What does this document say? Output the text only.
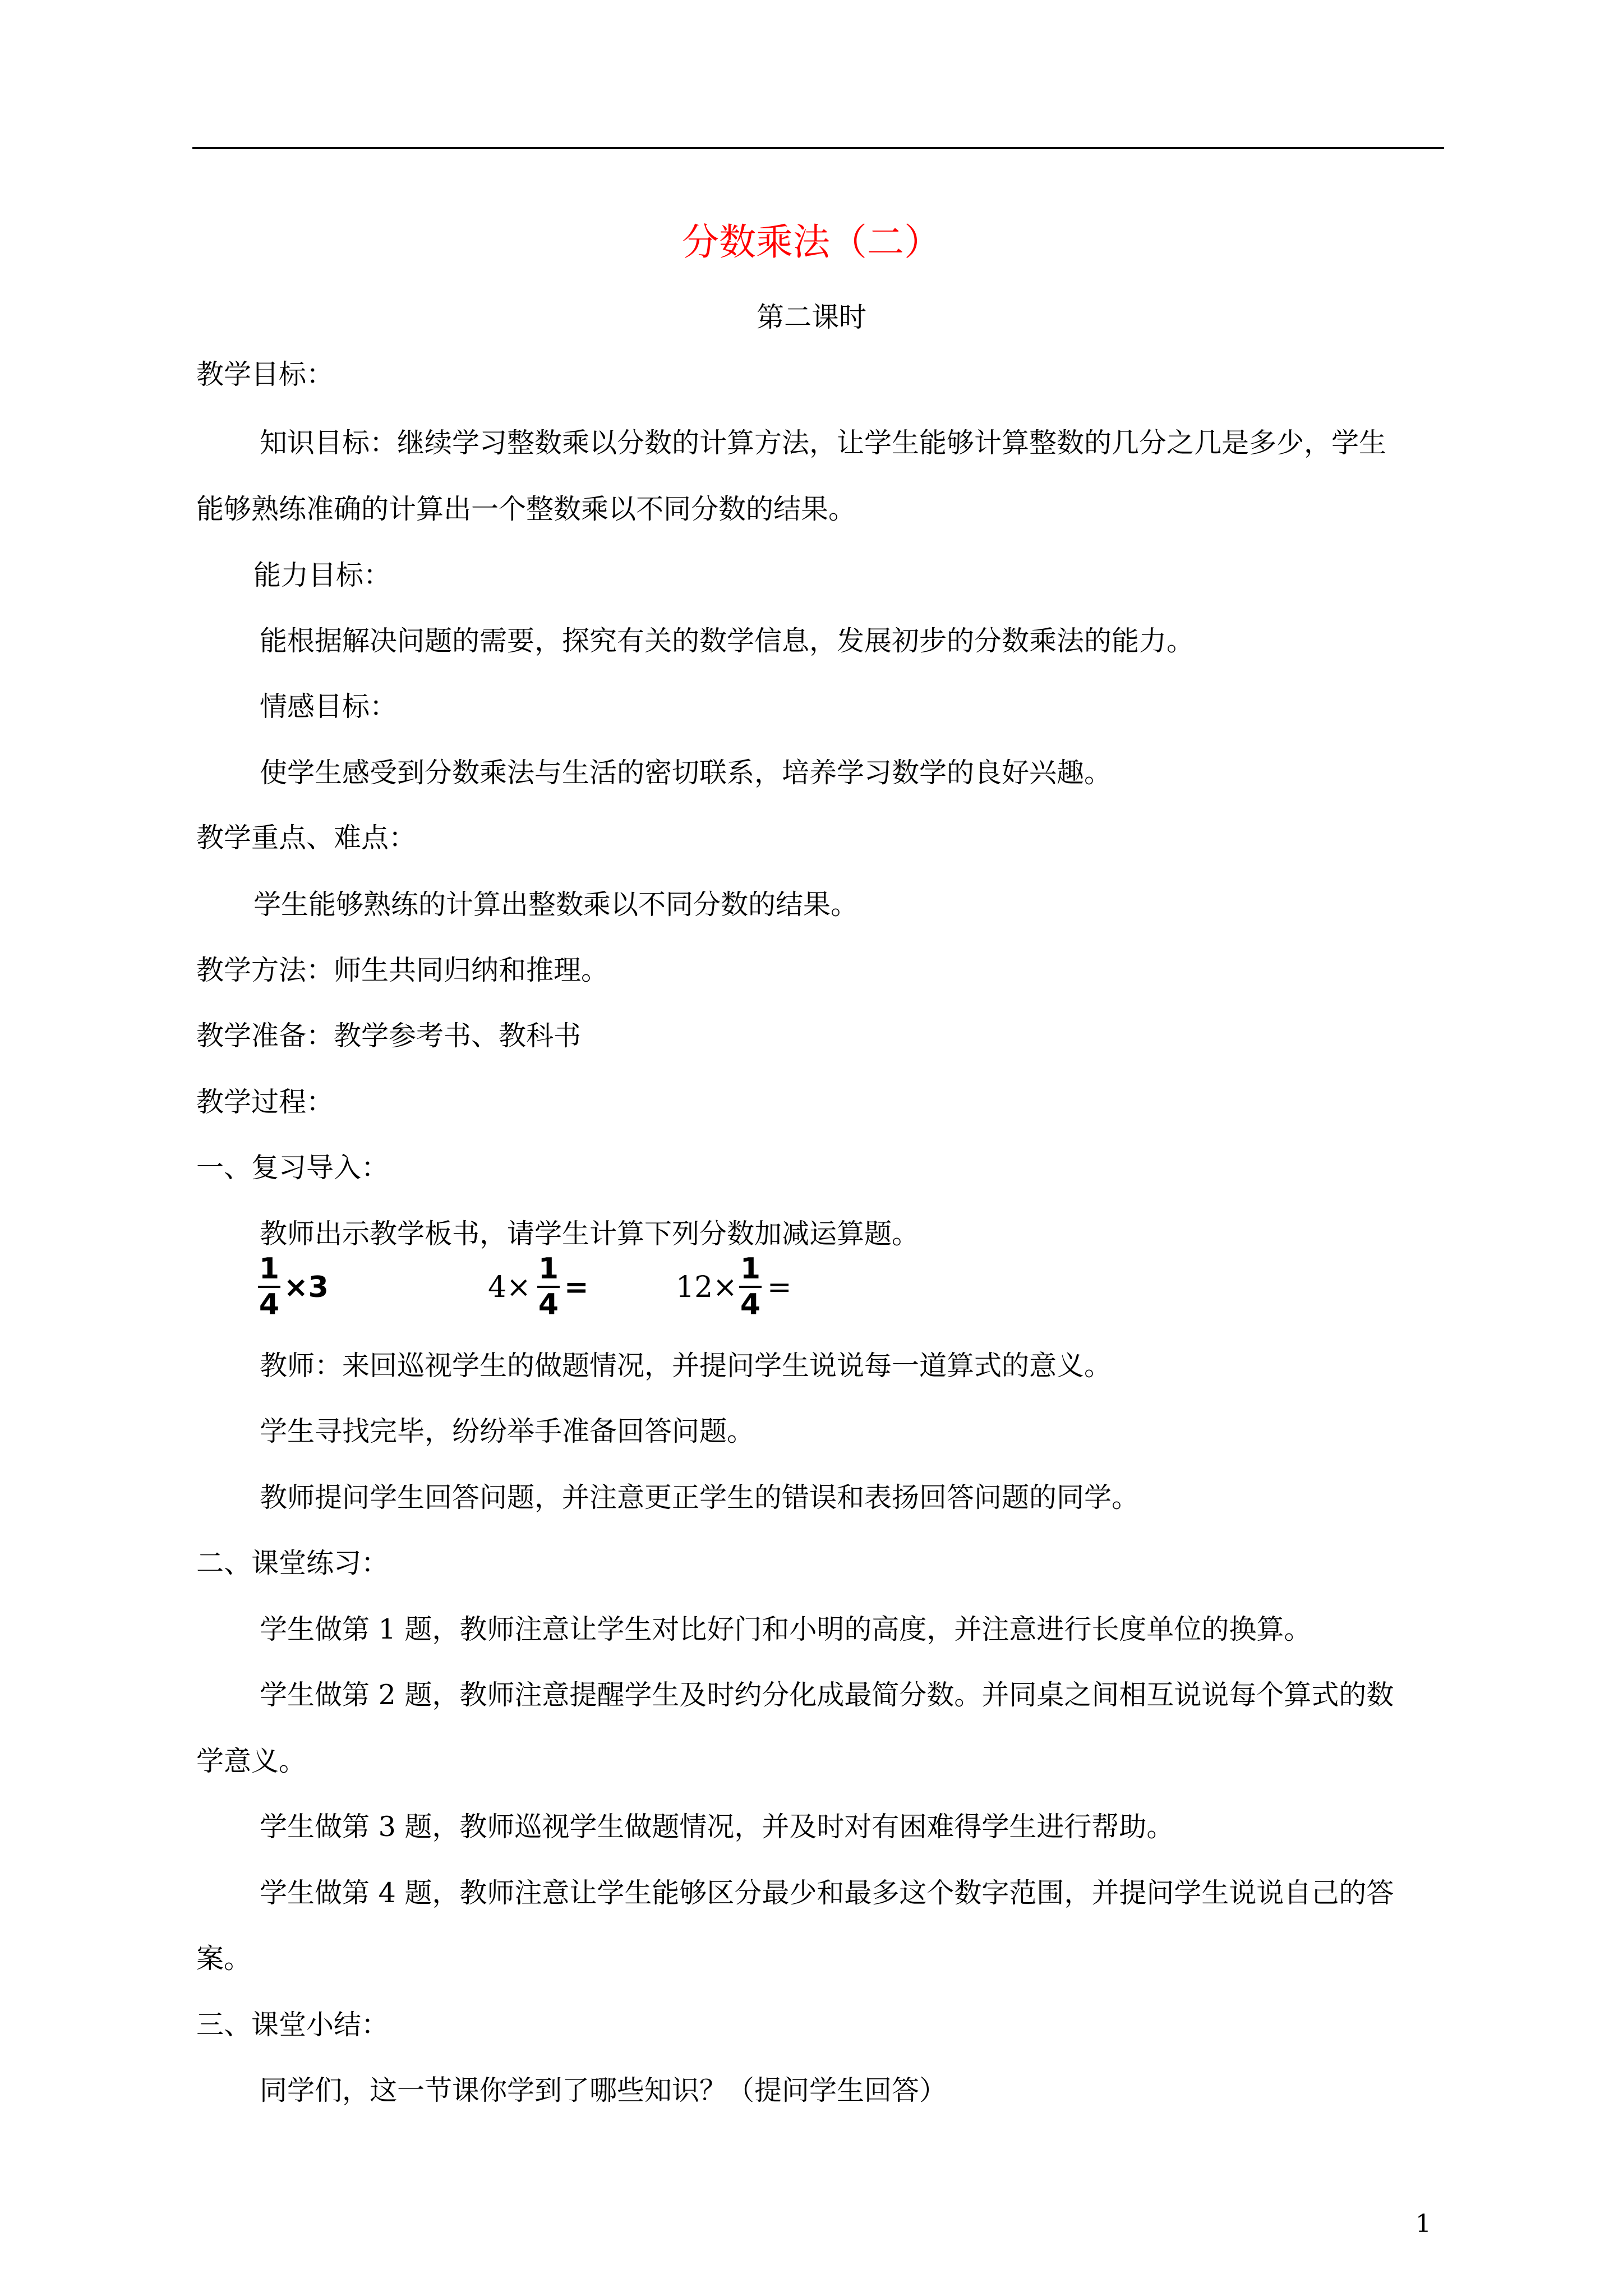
分数乘法（二）
第二课时
教学目标：
知识目标：继续学习整数乘以分数的计算方法，让学生能够计算整数的几分之几是多少，学生
能够熟练准确的计算出一个整数乘以不同分数的结果。
能力目标：
能根据解决问题的需要，探究有关的数学信息，发展初步的分数乘法的能力。
情感目标：
使学生感受到分数乘法与生活的密切联系，培养学习数学的良好兴趣。
教学重点、难点：
学生能够熟练的计算出整数乘以不同分数的结果。
教学方法：师生共同归纳和推理。
教学准备：教学参考书、教科书
教学过程：
一、复习导入：
教师出示教学板书，请学生计算下列分数加减运算题。
1
4
×3	4×
1
4
=	12×
1
4
=
教师：来回巡视学生的做题情况，并提问学生说说每一道算式的意义。
学生寻找完毕，纷纷举手准备回答问题。
教师提问学生回答问题，并注意更正学生的错误和表扬回答问题的同学。
二、课堂练习：
学生做第 1 题，教师注意让学生对比好门和小明的高度，并注意进行长度单位的换算。
学生做第 2 题，教师注意提醒学生及时约分化成最简分数。并同桌之间相互说说每个算式的数
学意义。
学生做第 3 题，教师巡视学生做题情况，并及时对有困难得学生进行帮助。
学生做第 4 题，教师注意让学生能够区分最少和最多这个数字范围，并提问学生说说自己的答
案。
三、课堂小结：
同学们，这一节课你学到了哪些知识？（提问学生回答）
1
